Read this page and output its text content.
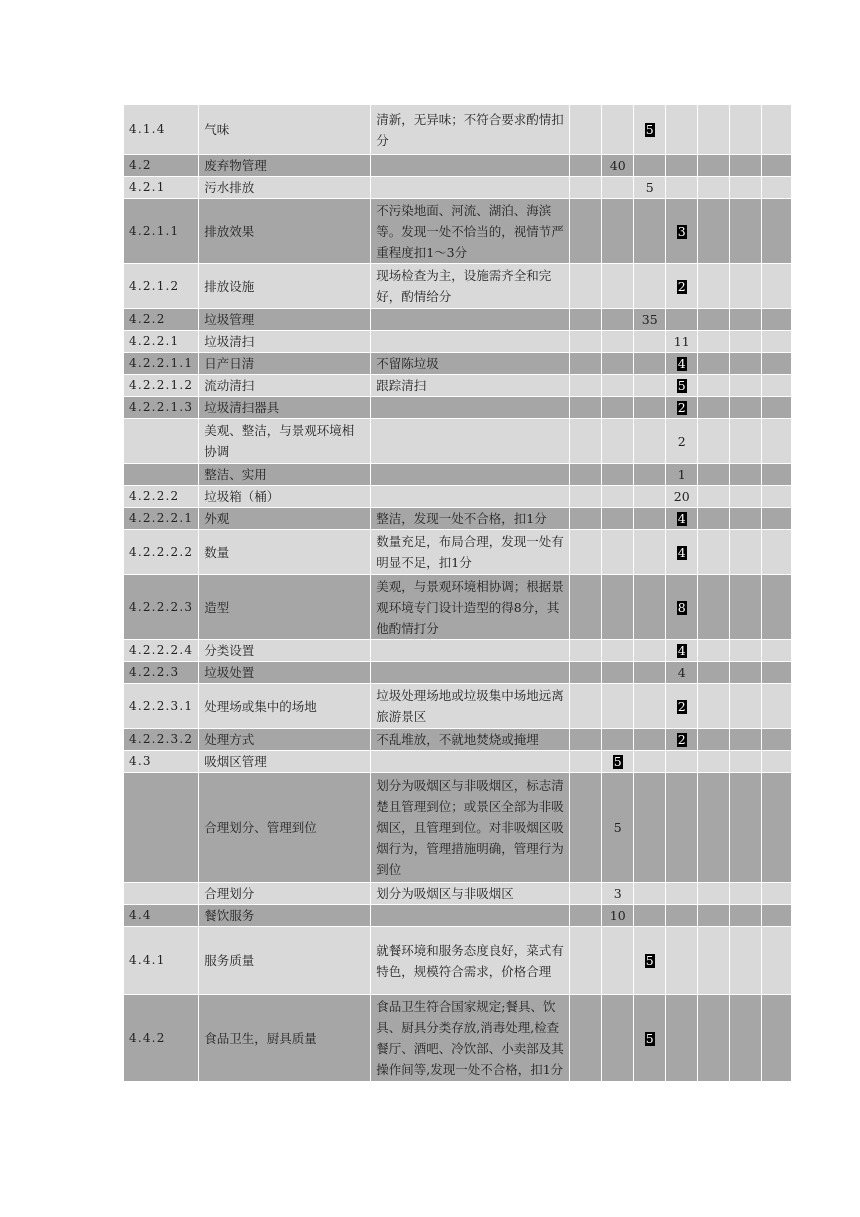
4.1.4	气味	清新，无异味；不符合要求酌情扣分			5				
4.2	废弃物管理			40					
4.2.1	污水排放				5				
4.2.1.1	排放效果	不污染地面、河流、湖泊、海滨等。发现一处不恰当的，视情节严重程度扣1～3分				3			
4.2.1.2	排放设施	现场检查为主，设施需齐全和完好，酌情给分				2			
4.2.2	垃圾管理				35				
4.2.2.1	垃圾清扫					11			
4.2.2.1.1	日产日清	不留陈垃圾				4			
4.2.2.1.2	流动清扫	跟踪清扫				5			
4.2.2.1.3	垃圾清扫器具					2			
	美观、整洁，与景观环境相协调					2			
	整洁、实用					1			
4.2.2.2	垃圾箱（桶）					20			
4.2.2.2.1	外观	整洁，发现一处不合格，扣1分				4			
4.2.2.2.2	数量	数量充足，布局合理，发现一处有明显不足，扣1分				4			
4.2.2.2.3	造型	美观，与景观环境相协调；根据景观环境专门设计造型的得8分，其他酌情打分				8			
4.2.2.2.4	分类设置					4			
4.2.2.3	垃圾处置					4			
4.2.2.3.1	处理场或集中的场地	垃圾处理场地或垃圾集中场地远离旅游景区				2			
4.2.2.3.2	处理方式	不乱堆放，不就地焚烧或掩埋				2			
4.3	吸烟区管理			5					
	合理划分、管理到位	划分为吸烟区与非吸烟区，标志清楚且管理到位；或景区全部为非吸烟区，且管理到位。对非吸烟区吸烟行为，管理措施明确，管理行为到位		5					
	合理划分	划分为吸烟区与非吸烟区		3					
4.4	餐饮服务			10					
4.4.1	服务质量	就餐环境和服务态度良好，菜式有特色，规模符合需求，价格合理			5				
4.4.2	食品卫生，厨具质量	食品卫生符合国家规定;餐具、饮具、厨具分类存放,消毒处理,检查餐厅、酒吧、冷饮部、小卖部及其操作间等,发现一处不合格，扣1分			5				
